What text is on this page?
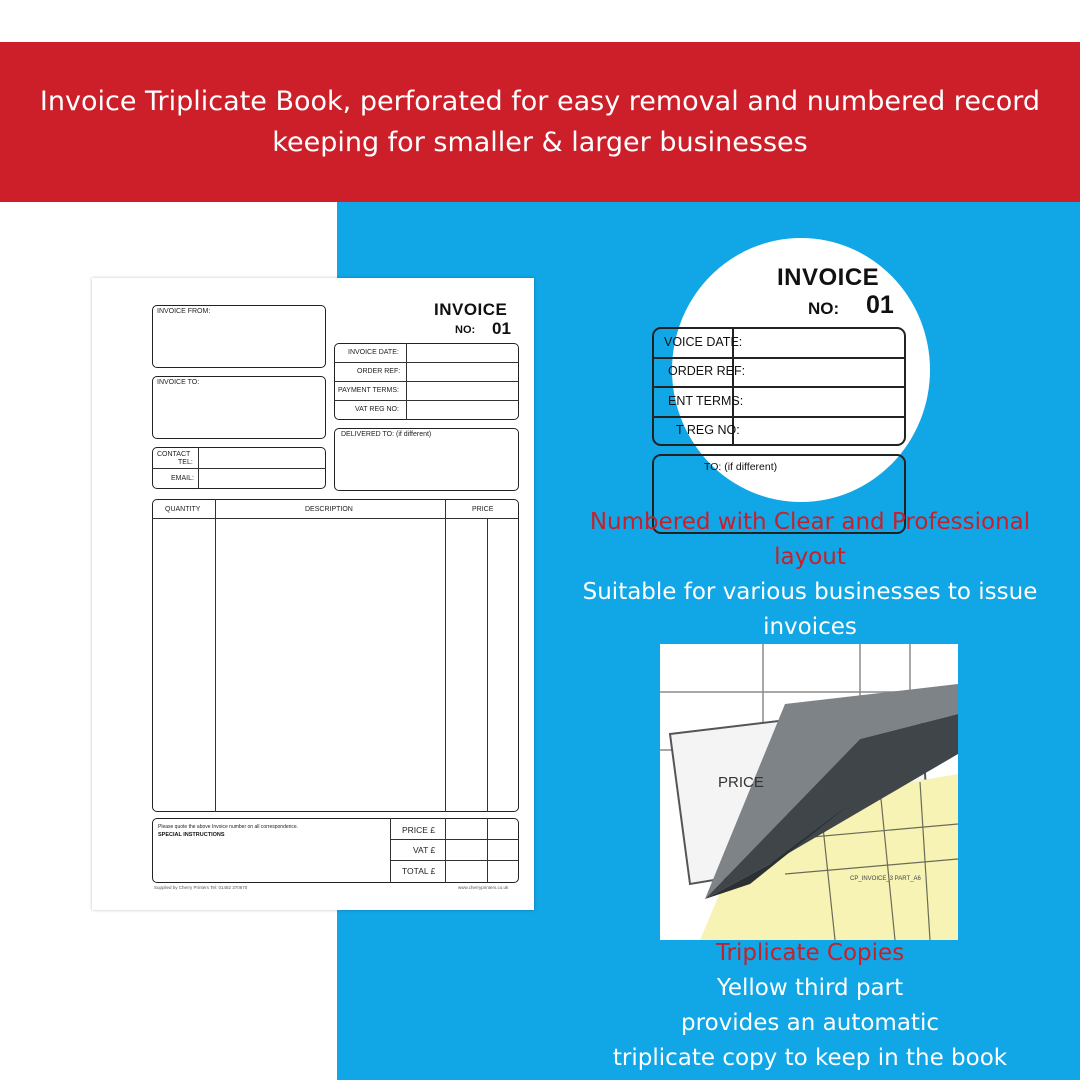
Invoice Triplicate Book, perforated for easy removal and numbered record
keeping for smaller & larger businesses
INVOICE FROM:	INVOICE
NO: 01
INVOICE TO:
CONTACT
TEL:
EMAIL:
INVOICE DATE:
ORDER REF:
PAYMENT TERMS:
VAT REG NO:
DELIVERED TO: (if different)
QUANTITY	DESCRIPTION	PRICE
Please quote the above Invoice number on all correspondence.
SPECIAL INSTRUCTIONS	PRICE £
VAT £
TOTAL £
Supplied by Cherry Printers Tel: 01482 370670	www.cherryprinters.co.uk
INVOICE
NO: 01
VOICE DATE:
ORDER REF:
ENT TERMS:
T REG NO:
TO: (if different)
Numbered with Clear and Professional
layout
Suitable for various businesses to issue
invoices
PRICE
CP_INVOICE_3 PART_A6
Triplicate Copies
Yellow third part
provides an automatic
triplicate copy to keep in the book
